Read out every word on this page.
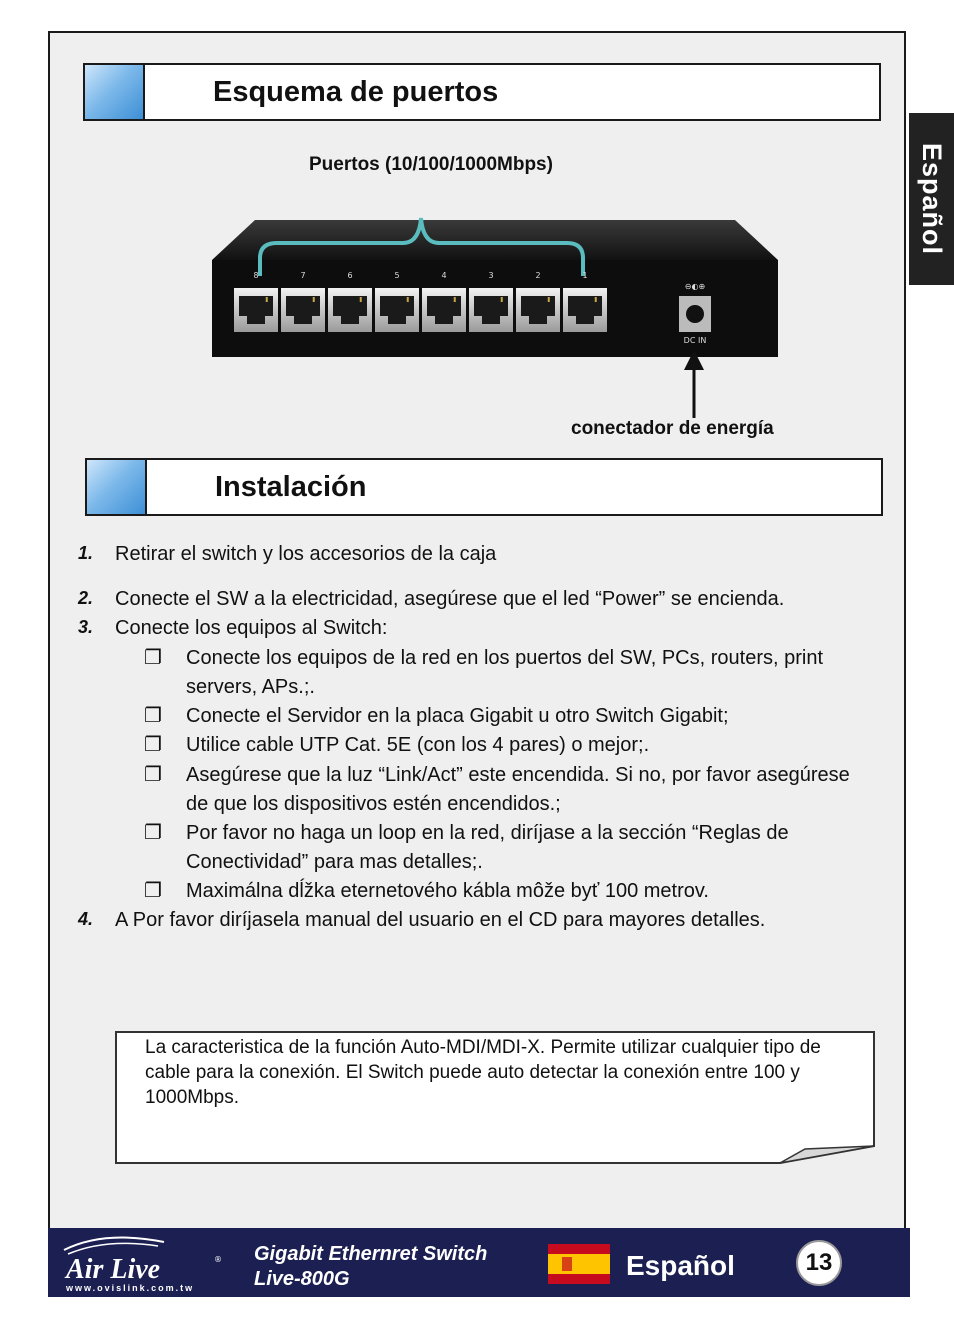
Español
Esquema de puertos
Puertos (10/100/1000Mbps)
8	7	6	5	4	3	2	1
⊖◐⊕
DC IN
conectador de energía
Instalación
1.	Retirar el switch y los accesorios de la caja
2.	Conecte el SW a la electricidad, asegúrese que el led “Power” se encienda.
3.	Conecte los equipos al Switch:
❐	Conecte los equipos de la red en los puertos del SW, PCs, routers, print servers, APs.;.
❐	Conecte el Servidor en la placa Gigabit u otro Switch Gigabit;
❐	Utilice cable UTP Cat. 5E (con los 4 pares) o mejor;.
❐	Asegúrese que la luz “Link/Act” este encendida. Si no, por favor asegúrese de que los dispositivos estén encendidos.;
❐	Por favor no haga un loop en la red, diríjase a la sección “Reglas de Conectividad” para mas detalles;.
❐	Maximálna dĺžka eternetového kábla môže byť 100 metrov.
4.	A Por favor diríjasela manual del usuario en el CD para mayores detalles.
La caracteristica de la función Auto-MDI/MDI-X. Permite utilizar cualquier tipo de cable para la conexión. El Switch puede auto detectar la conexión entre 100 y 1000Mbps.
Air Live	®
www.ovislink.com.tw
Gigabit Ethernret Switch
Live-800G	Español	13
